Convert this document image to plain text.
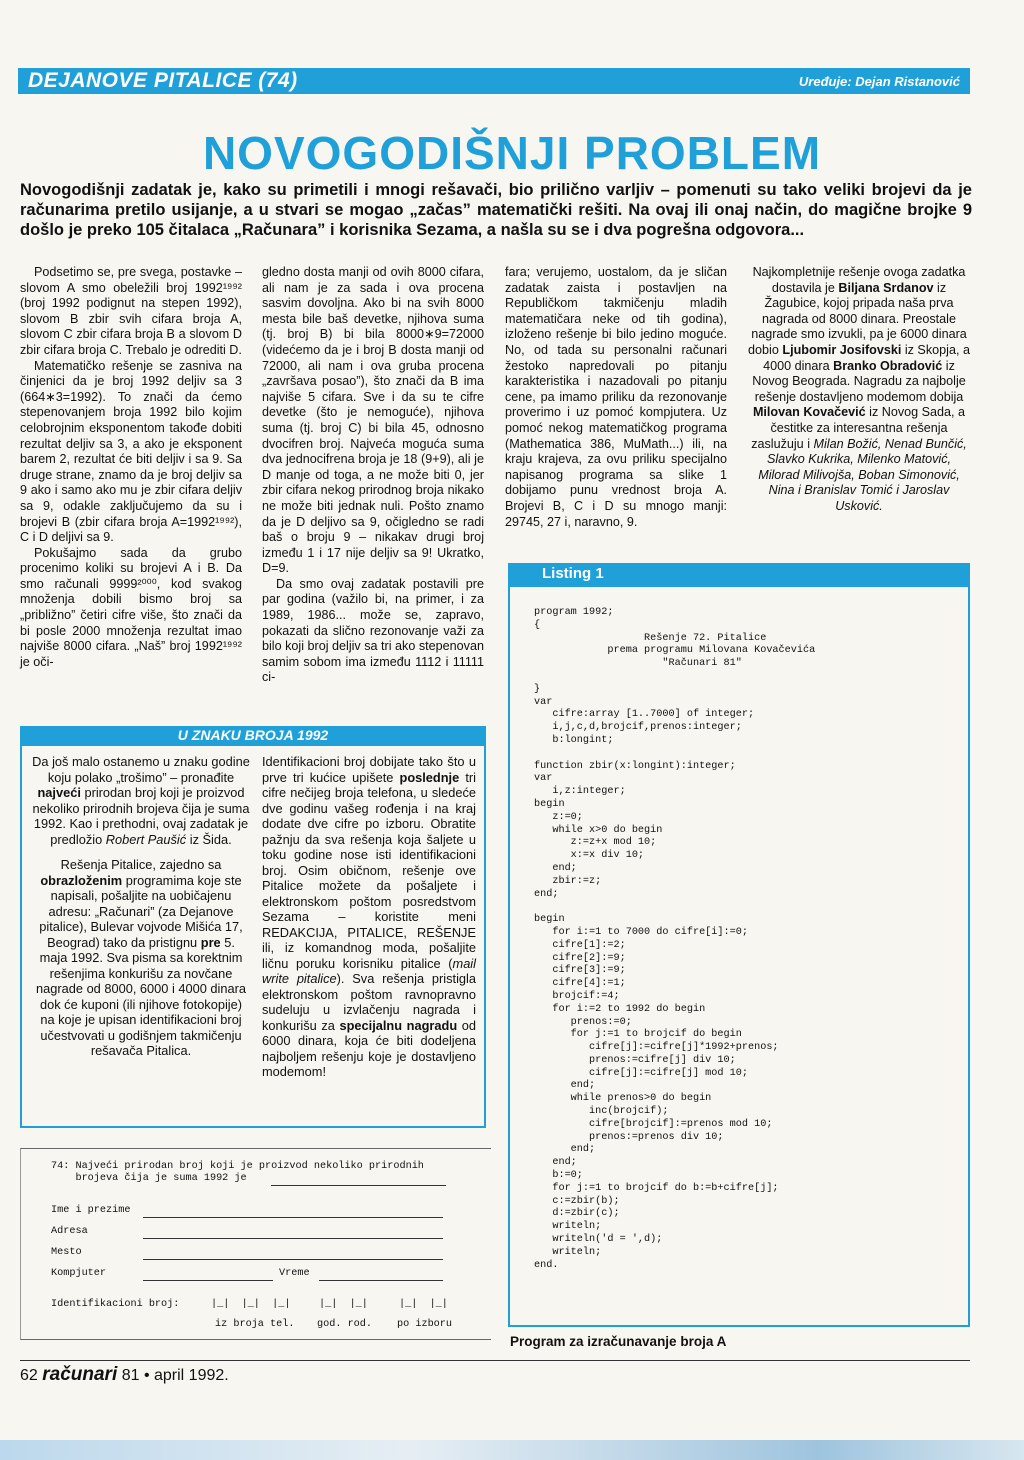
DEJANOVE PITALICE (74)	Uređuje: Dejan Ristanović
NOVOGODIŠNJI PROBLEM
Novogodišnji zadatak je, kako su primetili i mnogi rešavači, bio prilično varljiv – pomenuti su tako veliki brojevi da je računarima pretilo usijanje, a u stvari se mogao „začas” matematički rešiti. Na ovaj ili onaj način, do magične brojke 9 došlo je preko 105 čitalaca „Računara” i korisnika Sezama, a našla su se i dva pogrešna odgovora...

Podsetimo se, pre svega, postavke – slovom A smo obeležili broj 1992¹⁹⁹² (broj 1992 podignut na stepen 1992), slovom B zbir svih cifara broja A, slovom C zbir cifara broja B a slovom D zbir cifara broja C. Trebalo je odrediti D.

Matematičko rešenje se zasniva na činjenici da je broj 1992 deljiv sa 3 (664∗3=1992). To znači da ćemo stepenovanjem broja 1992 bilo kojim celobrojnim eksponentom takođe dobiti rezultat deljiv sa 3, a ako je eksponent barem 2, rezultat će biti deljiv i sa 9. Sa druge strane, znamo da je broj deljiv sa 9 ako i samo ako mu je zbir cifara deljiv sa 9, odakle zaključujemo da su i brojevi B (zbir cifara broja A=1992¹⁹⁹²), C i D deljivi sa 9.

Pokušajmo sada da grubo procenimo koliki su brojevi A i B. Da smo računali 9999²⁰⁰⁰, kod svakog množenja dobili bismo broj sa „približno” četiri cifre više, što znači da bi posle 2000 množenja rezultat imao najviše 8000 cifara. „Naš” broj 1992¹⁹⁹² je oči-

gledno dosta manji od ovih 8000 cifara, ali nam je za sada i ova procena sasvim dovoljna. Ako bi na svih 8000 mesta bile baš devetke, njihova suma (tj. broj B) bi bila 8000∗9=72000 (videćemo da je i broj B dosta manji od 72000, ali nam i ova gruba procena „završava posao”), što znači da B ima najviše 5 cifara. Sve i da su te cifre devetke (što je nemoguće), njihova suma (tj. broj C) bi bila 45, odnosno dvocifren broj. Najveća moguća suma dva jednocifrena broja je 18 (9+9), ali je D manje od toga, a ne može biti 0, jer zbir cifara nekog prirodnog broja nikako ne može biti jednak nuli. Pošto znamo da je D deljivo sa 9, očigledno se radi baš o broju 9 – nikakav drugi broj između 1 i 17 nije deljiv sa 9! Ukratko, D=9.

Da smo ovaj zadatak postavili pre par godina (važilo bi, na primer, i za 1989, 1986... može se, zapravo, pokazati da slično rezonovanje važi za bilo koji broj deljiv sa tri ako stepenovan samim sobom ima između 1112 i 11111 ci-

fara; verujemo, uostalom, da je sličan zadatak zaista i postavljen na Republičkom takmičenju mladih matematičara neke od tih godina), izloženo rešenje bi bilo jedino moguće. No, od tada su personalni računari žestoko napredovali po pitanju karakteristika i nazadovali po pitanju cene, pa imamo priliku da rezonovanje proverimo i uz pomoć kompjutera. Uz pomoć nekog matematičkog programa (Mathematica 386, MuMath...) ili, na kraju krajeva, za ovu priliku specijalno napisanog programa sa slike 1 dobijamo punu vrednost broja A. Brojevi B, C i D su mnogo manji: 29745, 27 i, naravno, 9.

Najkompletnije rešenje ovoga zadatka dostavila je Biljana Srdanov iz Žagubice, kojoj pripada naša prva nagrada od 8000 dinara. Preostale nagrade smo izvukli, pa je 6000 dinara dobio Ljubomir Josifovski iz Skopja, a 4000 dinara Branko Obradović iz Novog Beograda. Nagradu za najbolje rešenje dostavljeno modemom dobija Milovan Kovačević iz Novog Sada, a čestitke za interesantna rešenja zaslužuju i Milan Božić, Nenad Bunčić, Slavko Kukrika, Milenko Matović, Milorad Milivojša, Boban Simonović, Nina i Branislav Tomić i Jaroslav Usković.

Listing 1
program 1992;
{
Rešenje 72. Pitalice
prema programu Milovana Kovačevića
"Računari 81"

}
var
cifre:array [1..7000] of integer;
i,j,c,d,brojcif,prenos:integer;
b:longint;

function zbir(x:longint):integer;
var
i,z:integer;
begin
z:=0;
while x>0 do begin
z:=z+x mod 10;
x:=x div 10;
end;
zbir:=z;
end;

begin
for i:=1 to 7000 do cifre[i]:=0;
cifre[1]:=2;
cifre[2]:=9;
cifre[3]:=9;
cifre[4]:=1;
brojcif:=4;
for i:=2 to 1992 do begin
prenos:=0;
for j:=1 to brojcif do begin
cifre[j]:=cifre[j]*1992+prenos;
prenos:=cifre[j] div 10;
cifre[j]:=cifre[j] mod 10;
end;
while prenos>0 do begin
inc(brojcif);
cifre[brojcif]:=prenos mod 10;
prenos:=prenos div 10;
end;
end;
b:=0;
for j:=1 to brojcif do b:=b+cifre[j];
c:=zbir(b);
d:=zbir(c);
writeln;
writeln('d = ',d);
writeln;
end.
Program za izračunavanje broja A
U ZNAKU BROJA 1992

Da još malo ostanemo u znaku godine koju polako „trošimo” – pronađite najveći prirodan broj koji je proizvod nekoliko prirodnih brojeva čija je suma 1992. Kao i prethodni, ovaj zadatak je predložio Robert Paušić iz Šida.

Rešenja Pitalice, zajedno sa obrazloženim programima koje ste napisali, pošaljite na uobičajenu adresu: „Računari” (za Dejanove pitalice), Bulevar vojvode Mišića 17, Beograd) tako da pristignu pre 5. maja 1992. Sva pisma sa korektnim rešenjima konkurišu za novčane nagrade od 8000, 6000 i 4000 dinara dok će kuponi (ili njihove fotokopije) na koje je upisan identifikacioni broj učestvovati u godišnjem takmičenju rešavača Pitalica.

Identifikacioni broj dobijate tako što u prve tri kućice upišete poslednje tri cifre nečijeg broja telefona, u sledeće dve godinu vašeg rođenja i na kraj dodate dve cifre po izboru. Obratite pažnju da sva rešenja koja šaljete u toku godine nose isti identifikacioni broj. Osim običnom, rešenje ove Pitalice možete da pošaljete i elektronskom poštom posredstvom Sezama – koristite meni REDAKCIJA, PITALICE, REŠENJE ili, iz komandnog moda, pošaljite ličnu poruku korisniku pitalice (mail write pitalice). Sva rešenja pristigla elektronskom poštom ravnopravno sudeluju u izvlačenju nagrada i konkurišu za specijalnu nagradu od 6000 dinara, koja će biti dodeljena najboljem rešenju koje je dostavljeno modemom!

74: Najveći prirodan broj koji je proizvod nekoliko prirodnih
brojeva čija je suma 1992 je
Ime i prezime
Adresa
Mesto
Kompjuter	Vreme
Identifikacioni broj:	|_|  |_|  |_|	|_|  |_|	|_|  |_|
iz broja tel. god. rod. po izboru
62 računari 81 • april 1992.
